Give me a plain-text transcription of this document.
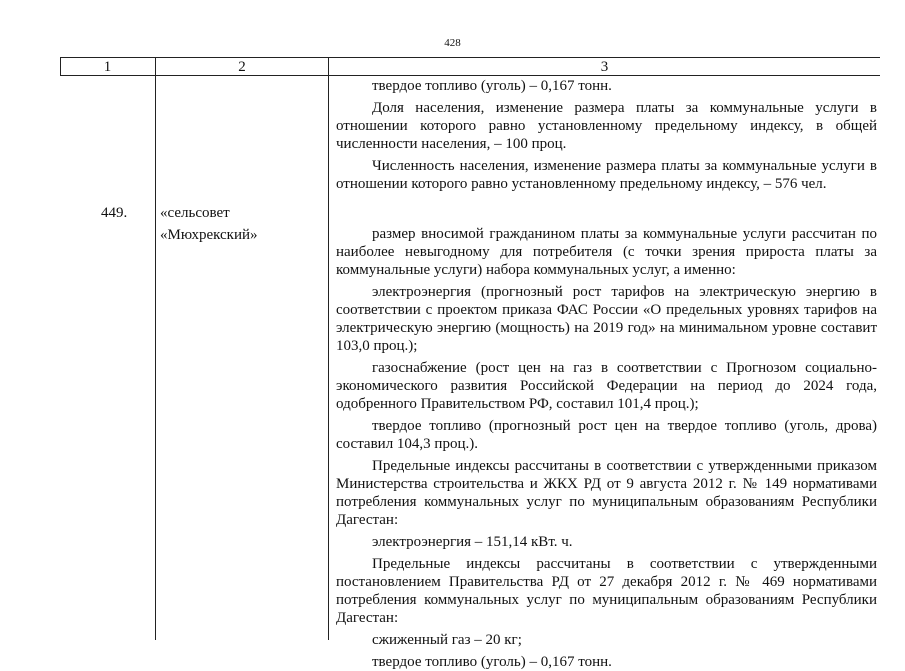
428
1	2	3
449. «сельсовет
«Мюхрекский»

твердое топливо (уголь) – 0,167 тонн.

Доля населения, изменение размера платы за коммунальные услуги в отношении которого равно установленному предельному индексу, в общей численности населения, – 100 проц.

Численность населения, изменение размера платы за коммунальные услуги в отношении которого равно установленному предельному индексу, – 576 чел.

размер вносимой гражданином платы за коммунальные услуги рассчитан по наиболее невыгодному для потребителя (с точки зрения прироста платы за коммунальные услуги) набора коммунальных услуг, а именно:

электроэнергия (прогнозный рост тарифов на электрическую энергию в соответствии с проектом приказа ФАС России «О предельных уровнях тарифов на электрическую энергию (мощность) на 2019 год» на минимальном уровне составит 103,0 проц.);

газоснабжение (рост цен на газ в соответствии с Прогнозом социально-экономического развития Российской Федерации на период до 2024 года, одобренного Правительством РФ, составил 101,4 проц.);

твердое топливо (прогнозный рост цен на твердое топливо (уголь, дрова) составил 104,3 проц.).

Предельные индексы рассчитаны в соответствии с утвержденными приказом Министерства строительства и ЖКХ РД от 9 августа 2012 г. № 149 нормативами потребления коммунальных услуг по муниципальным образованиям Республики Дагестан:

электроэнергия – 151,14 кВт. ч.

Предельные индексы рассчитаны в соответствии с утвержденными постановлением Правительства РД от 27 декабря 2012 г. № 469 нормативами потребления коммунальных услуг по муниципальным образованиям Республики Дагестан:

сжиженный газ – 20 кг;

твердое топливо (уголь) – 0,167 тонн.
